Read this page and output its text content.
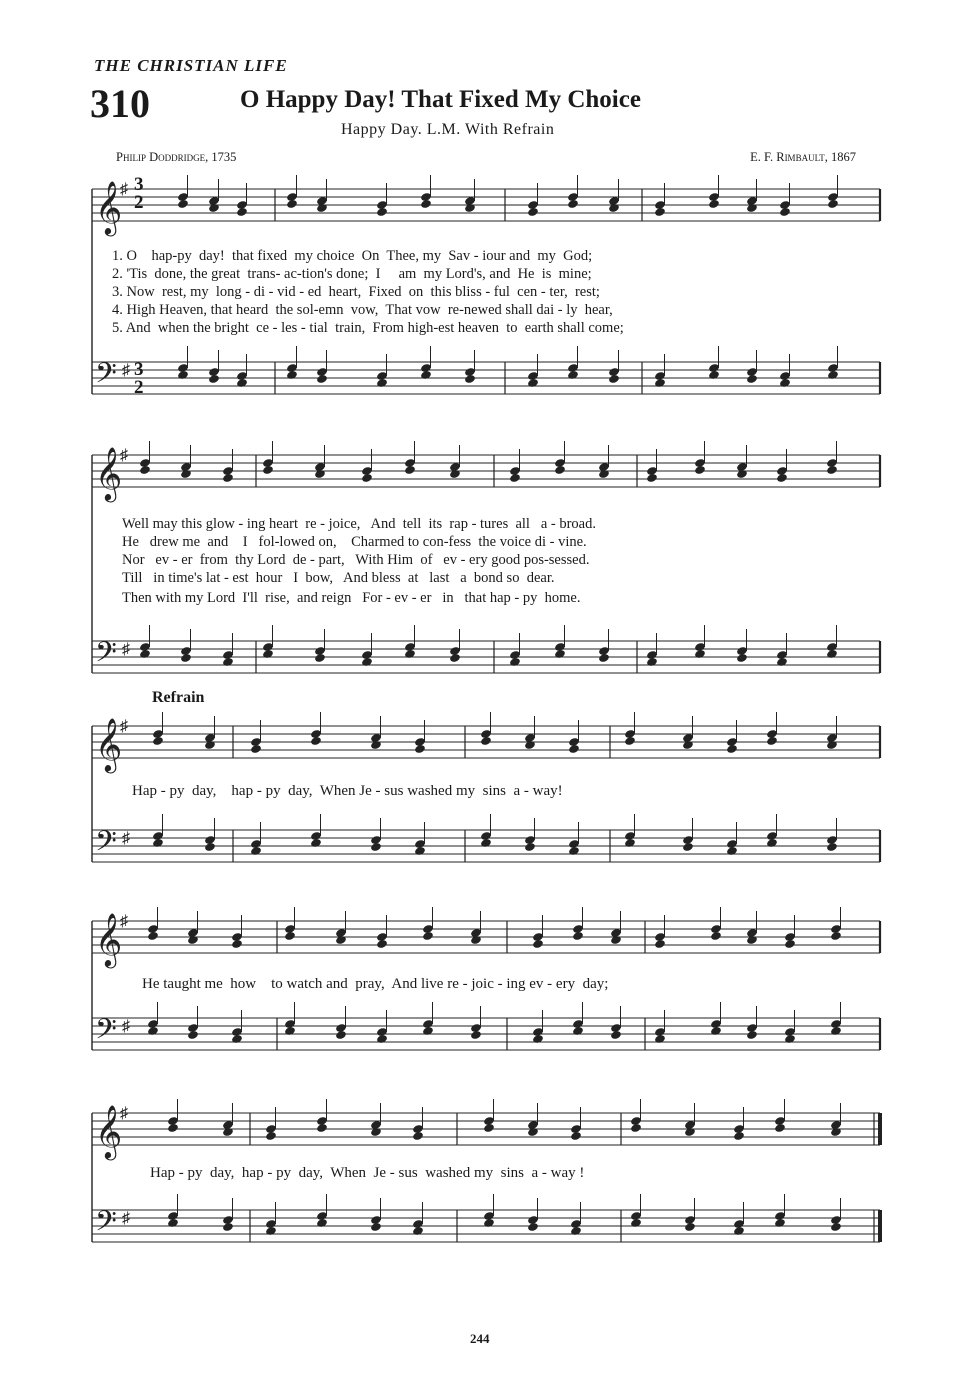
THE CHRISTIAN LIFE
310	O Happy Day! That Fixed My Choice
Happy Day. L.M. With Refrain
Philip Doddridge, 1735	E. F. Rimbault, 1867
𝄞
♯
𝄢 ♯
𝄞
♯
𝄢 ♯
𝄞
♯
𝄢 ♯
𝄞
♯
𝄢 ♯
𝄞
♯
𝄢 ♯
3
2
3
2
1. O    hap-py  day!  that fixed  my choice  On  Thee, my  Sav - iour and  my  God;
2. 'Tis  done, the great  trans- ac-tion's done;  I     am  my Lord's, and  He  is  mine;
3. Now  rest, my  long - di - vid - ed  heart,  Fixed  on  this bliss - ful  cen - ter,  rest;
4. High Heaven, that heard  the sol-emn  vow,  That vow  re-newed shall dai - ly  hear,
5. And  when the bright  ce - les - tial  train,  From high-est heaven  to  earth shall come;
Well may this glow - ing heart  re - joice,   And  tell  its  rap - tures  all   a - broad.
He   drew me  and    I   fol-lowed on,    Charmed to con-fess  the voice di - vine.
Nor   ev - er  from  thy Lord  de - part,   With Him  of   ev - ery good pos-sessed.
Till   in time's lat - est  hour   I  bow,   And bless  at   last   a  bond so  dear.
Then with my Lord  I'll  rise,  and reign   For - ev - er   in   that hap - py  home.
Refrain
Hap - py  day,    hap - py  day,  When Je - sus washed my  sins  a - way!
He taught me  how    to watch and  pray,  And live re - joic - ing ev - ery  day;
Hap - py  day,  hap - py  day,  When  Je - sus  washed my  sins  a - way !
244
